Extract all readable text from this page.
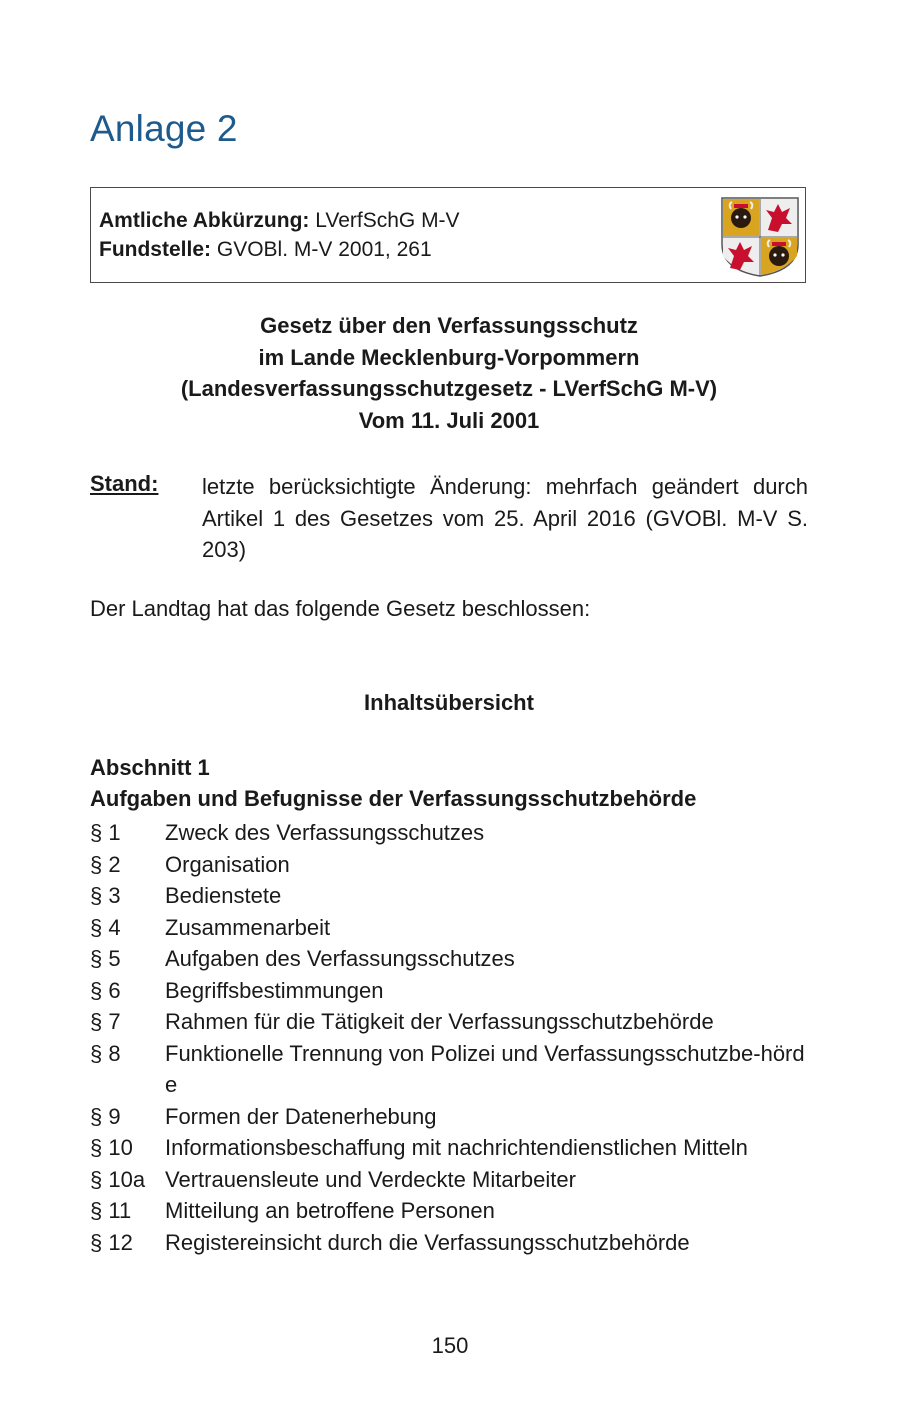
Anlage 2
Amtliche Abkürzung: LVerfSchG M-V
Fundstelle: GVOBl. M-V 2001, 261
Gesetz über den Verfassungsschutz
im Lande Mecklenburg-Vorpommern
(Landesverfassungsschutzgesetz - LVerfSchG M-V)
Vom 11. Juli 2001
Stand: letzte berücksichtigte Änderung: mehrfach geändert durch Artikel 1 des Gesetzes vom 25. April 2016 (GVOBl. M-V S. 203)
Der Landtag hat das folgende Gesetz beschlossen:
Inhaltsübersicht
Abschnitt 1
Aufgaben und Befugnisse der Verfassungsschutzbehörde
§ 1	Zweck des Verfassungsschutzes
§ 2	Organisation
§ 3	Bedienstete
§ 4	Zusammenarbeit
§ 5	Aufgaben des Verfassungsschutzes
§ 6	Begriffsbestimmungen
§ 7	Rahmen für die Tätigkeit der Verfassungsschutzbehörde
§ 8	Funktionelle Trennung von Polizei und Verfassungsschutzbe-hörde
§ 9	Formen der Datenerhebung
§ 10	Informationsbeschaffung mit nachrichtendienstlichen Mitteln
§ 10a Vertrauensleute und Verdeckte Mitarbeiter
§ 11	Mitteilung an betroffene Personen
§ 12	Registereinsicht durch die Verfassungsschutzbehörde
150
